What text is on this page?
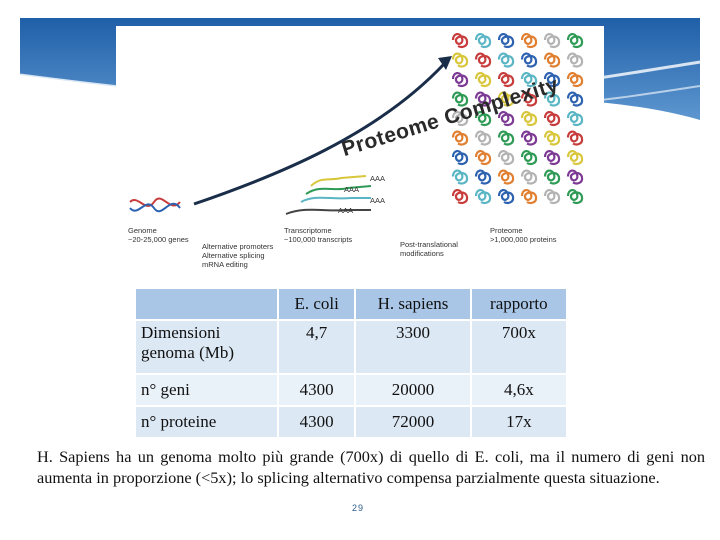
Proteome Complexity
Genome
~20-25,000 genes
Alternative promoters
Alternative splicing
mRNA editing
Transcriptome
~100,000 transcripts
Post-translational
modifications
Proteome
>1,000,000 proteins
AAA
AAA
AAA
AAA
	E. coli	H. sapiens	rapporto
Dimensioni genoma (Mb)	4,7	3300	700x
n° geni	4300	20000	4,6x
n° proteine	4300	72000	17x
H. Sapiens ha un genoma molto più grande (700x) di quello di E. coli, ma il numero di geni non aumenta in proporzione (<5x); lo splicing alternativo compensa parzialmente questa situazione.
29
